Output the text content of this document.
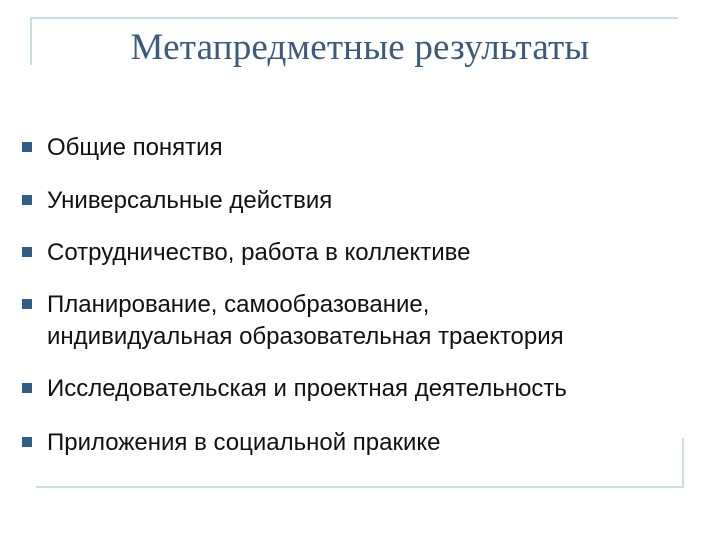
Метапредметные результаты
Общие понятия
Универсальные действия
Сотрудничество, работа в коллективе
Планирование, самообразование,
индивидуальная образовательная траектория
Исследовательская и проектная деятельность
Приложения в социальной пракике
